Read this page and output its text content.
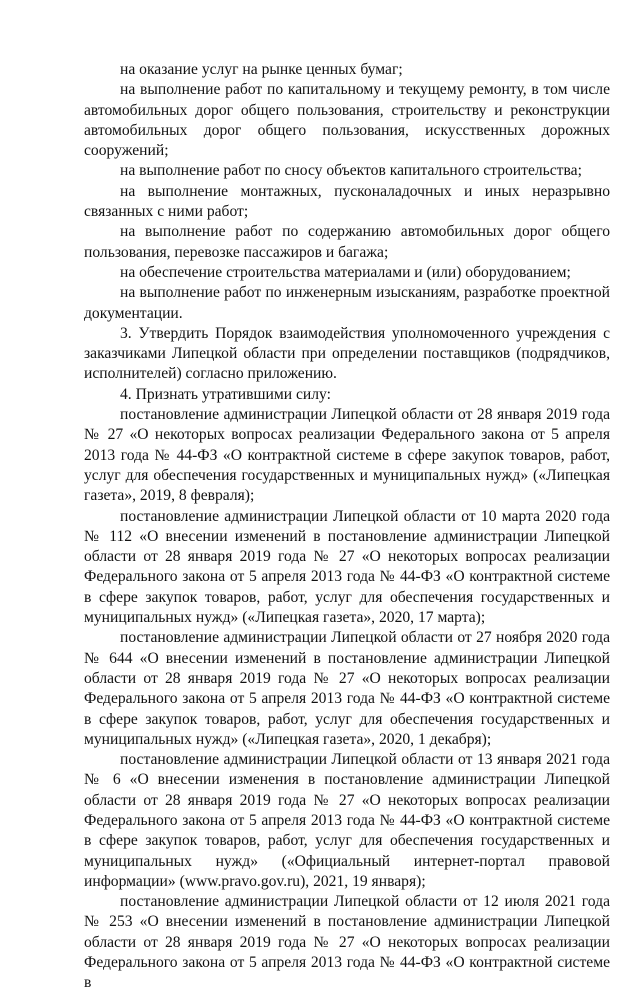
на оказание услуг на рынке ценных бумаг;

на выполнение работ по капитальному и текущему ремонту, в том числе автомобильных дорог общего пользования, строительству и реконструкции автомобильных дорог общего пользования, искусственных дорожных сооружений;

на выполнение работ по сносу объектов капитального строительства;

на выполнение монтажных, пусконаладочных и иных неразрывно связанных с ними работ;

на выполнение работ по содержанию автомобильных дорог общего пользования, перевозке пассажиров и багажа;

на обеспечение строительства материалами и (или) оборудованием;

на выполнение работ по инженерным изысканиям, разработке проектной документации.

3. Утвердить Порядок взаимодействия уполномоченного учреждения с заказчиками Липецкой области при определении поставщиков (подрядчиков, исполнителей) согласно приложению.

4. Признать утратившими силу:

постановление администрации Липецкой области от 28 января 2019 года № 27 «О некоторых вопросах реализации Федерального закона от 5 апреля 2013 года № 44-ФЗ «О контрактной системе в сфере закупок товаров, работ, услуг для обеспечения государственных и муниципальных нужд» («Липецкая газета», 2019, 8 февраля);

постановление администрации Липецкой области от 10 марта 2020 года № 112 «О внесении изменений в постановление администрации Липецкой области от 28 января 2019 года № 27 «О некоторых вопросах реализации Федерального закона от 5 апреля 2013 года № 44-ФЗ «О контрактной системе в сфере закупок товаров, работ, услуг для обеспечения государственных и муниципальных нужд» («Липецкая газета», 2020, 17 марта);

постановление администрации Липецкой области от 27 ноября 2020 года № 644 «О внесении изменений в постановление администрации Липецкой области от 28 января 2019 года № 27 «О некоторых вопросах реализации Федерального закона от 5 апреля 2013 года № 44-ФЗ «О контрактной системе в сфере закупок товаров, работ, услуг для обеспечения государственных и муниципальных нужд» («Липецкая газета», 2020, 1 декабря);

постановление администрации Липецкой области от 13 января 2021 года № 6 «О внесении изменения в постановление администрации Липецкой области от 28 января 2019 года № 27 «О некоторых вопросах реализации Федерального закона от 5 апреля 2013 года № 44-ФЗ «О контрактной системе в сфере закупок товаров, работ, услуг для обеспечения государственных и муниципальных нужд» («Официальный интернет-портал правовой информации» (www.pravo.gov.ru), 2021, 19 января);

постановление администрации Липецкой области от 12 июля 2021 года № 253 «О внесении изменений в постановление администрации Липецкой области от 28 января 2019 года № 27 «О некоторых вопросах реализации Федерального закона от 5 апреля 2013 года № 44-ФЗ «О контрактной системе в
